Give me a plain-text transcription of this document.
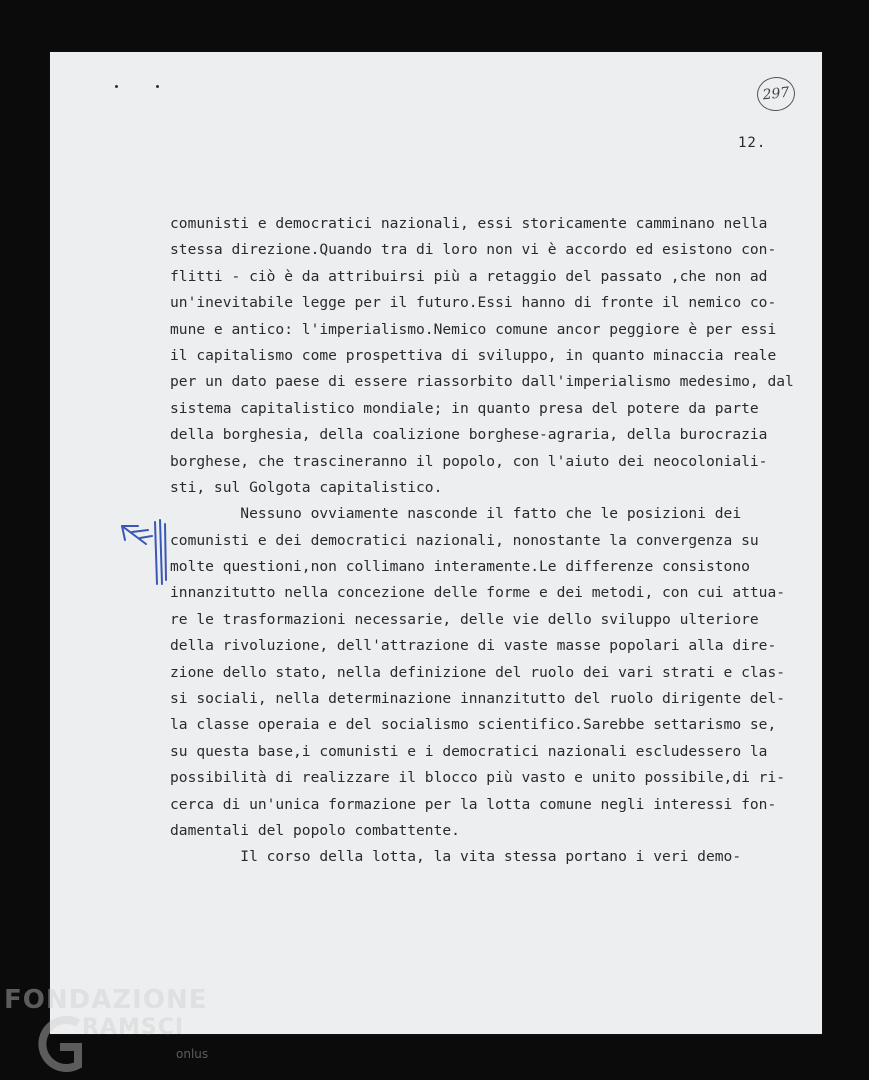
297
12.
comunisti e democratici nazionali, essi storicamente camminano nella
stessa direzione.Quando tra di loro non vi è accordo ed esistono con-
flitti - ciò è da attribuirsi più a retaggio del passato ,che non ad
un'inevitabile legge per il futuro.Essi hanno di fronte il nemico co-
mune e antico: l'imperialismo.Nemico comune ancor peggiore è per essi
il capitalismo come prospettiva di sviluppo, in quanto minaccia reale
per un dato paese di essere riassorbito dall'imperialismo medesimo, dal
sistema capitalistico mondiale; in quanto presa del potere da parte
della borghesia, della coalizione borghese-agraria, della burocrazia
borghese, che trascineranno il popolo, con l'aiuto dei neocoloniali-
sti, sul Golgota capitalistico.
Nessuno ovviamente nasconde il fatto che le posizioni dei
comunisti e dei democratici nazionali, nonostante la convergenza su
molte questioni,non collimano interamente.Le differenze consistono
innanzitutto nella concezione delle forme e dei metodi, con cui attua-
re le trasformazioni necessarie, delle vie dello sviluppo ulteriore
della rivoluzione, dell'attrazione di vaste masse popolari alla dire-
zione dello stato, nella definizione del ruolo dei vari strati e clas-
si sociali, nella determinazione innanzitutto del ruolo dirigente del-
la classe operaia e del socialismo scientifico.Sarebbe settarismo se,
su questa base,i comunisti e i democratici nazionali escludessero la
possibilità di realizzare il blocco più vasto e unito possibile,di ri-
cerca di un'unica formazione per la lotta comune negli interessi fon-
damentali del popolo combattente.
Il corso della lotta, la vita stessa portano i veri demo-
FONDAZIONE
RAMSCI
onlus
